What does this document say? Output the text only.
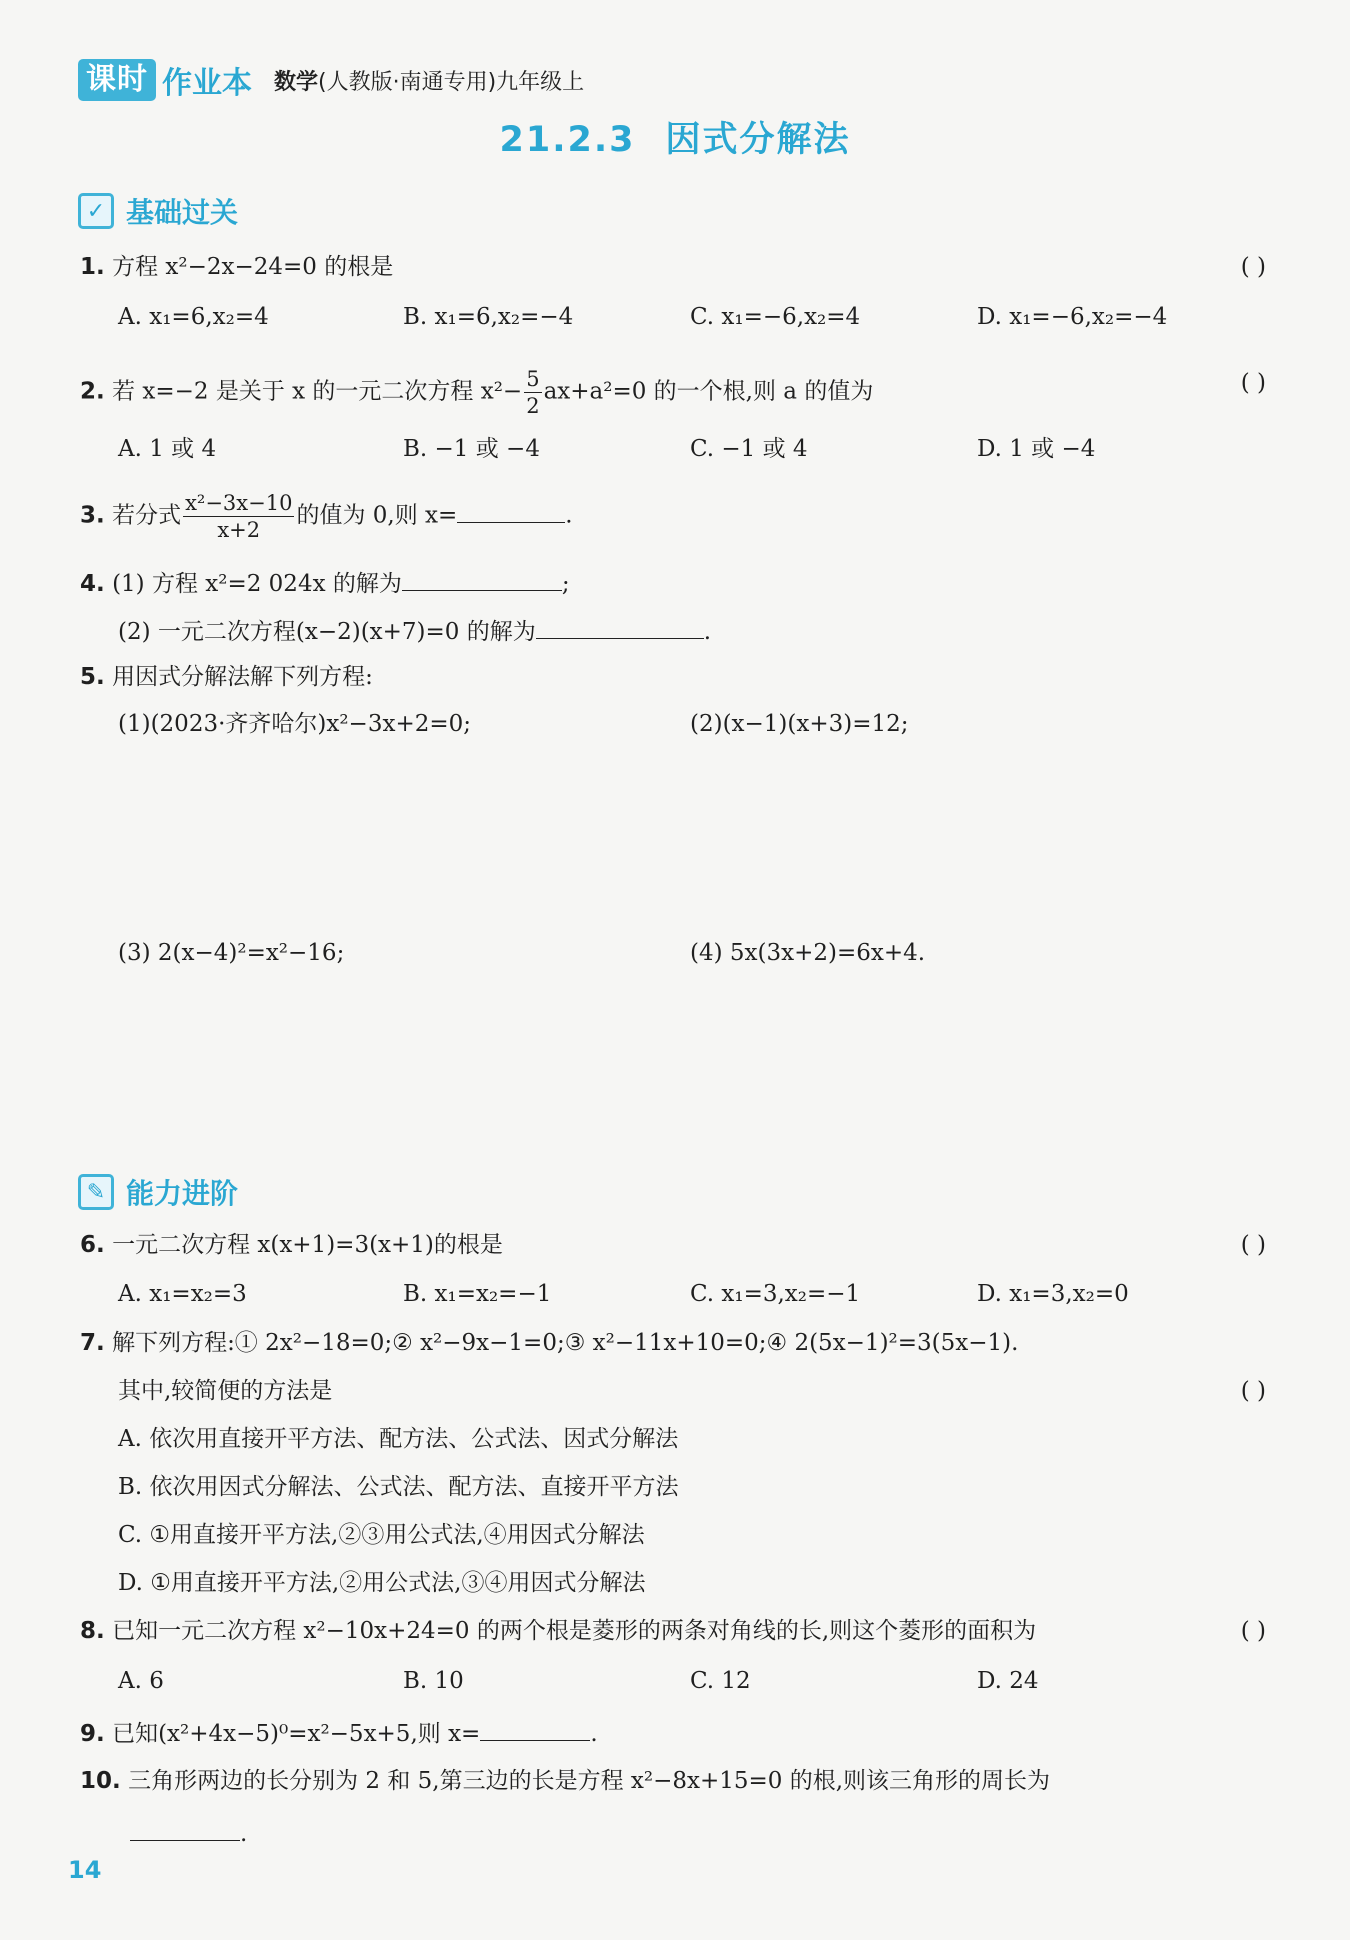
课时 作业本 数学(人教版·南通专用)九年级上
21.2.3 因式分解法
✓ 基础过关
1. 方程 x²−2x−24=0 的根是	( )
A. x₁=6,x₂=4	B. x₁=6,x₂=−4	C. x₁=−6,x₂=4	D. x₁=−6,x₂=−4
2. 若 x=−2 是关于 x 的一元二次方程 $x^2- \frac{5}{2} ax+a^2=0$ 的一个根,则 a 的值为	( )
A. 1 或 4	B. −1 或 −4	C. −1 或 4	D. 1 或 −4
3. 若分式 $\frac{\text{x²−3x−10}}{x+2}$ 的值为 0,则 x=	.
4. (1) 方程 x²=2 024x 的解为	;
(2) 一元二次方程(x−2)(x+7)=0 的解为	.
5. 用因式分解法解下列方程:
(1)(2023·齐齐哈尔)x²−3x+2=0;	(2)(x−1)(x+3)=12;
(3) 2(x−4)²=x²−16;	(4) 5x(3x+2)=6x+4.
✎ 能力进阶
6. 一元二次方程 x(x+1)=3(x+1)的根是	( )
A. x₁=x₂=3	B. x₁=x₂=−1	C. x₁=3,x₂=−1	D. x₁=3,x₂=0
7. 解下列方程:① 2x²−18=0;② x²−9x−1=0;③ x²−11x+10=0;④ 2(5x−1)²=3(5x−1).
其中,较简便的方法是	( )
A. 依次用直接开平方法、配方法、公式法、因式分解法
B. 依次用因式分解法、公式法、配方法、直接开平方法
C. ①用直接开平方法,②③用公式法,④用因式分解法
D. ①用直接开平方法,②用公式法,③④用因式分解法
8. 已知一元二次方程 x²−10x+24=0 的两个根是菱形的两条对角线的长,则这个菱形的面积为	( )
A. 6	B. 10	C. 12	D. 24
9. 已知(x²+4x−5)⁰=x²−5x+5,则 x=	.
10. 三角形两边的长分别为 2 和 5,第三边的长是方程 x²−8x+15=0 的根,则该三角形的周长为
.
14
